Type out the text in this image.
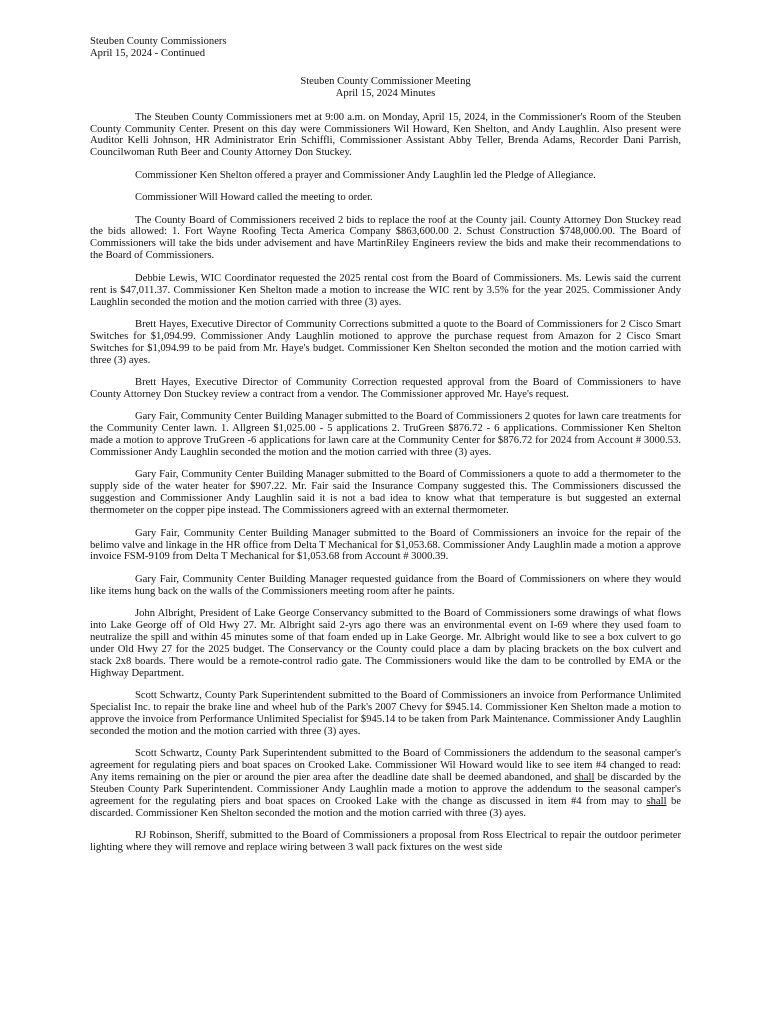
Steuben County Commissioners
April 15, 2024 - Continued
Steuben County Commissioner Meeting
April 15, 2024 Minutes

The Steuben County Commissioners met at 9:00 a.m. on Monday, April 15, 2024, in the Commissioner's Room of the Steuben County Community Center. Present on this day were Commissioners Wil Howard, Ken Shelton, and Andy Laughlin. Also present were Auditor Kelli Johnson, HR Administrator Erin Schiffli, Commissioner Assistant Abby Teller, Brenda Adams, Recorder Dani Parrish, Councilwoman Ruth Beer and County Attorney Don Stuckey.

Commissioner Ken Shelton offered a prayer and Commissioner Andy Laughlin led the Pledge of Allegiance.

Commissioner Will Howard called the meeting to order.

The County Board of Commissioners received 2 bids to replace the roof at the County jail. County Attorney Don Stuckey read the bids allowed: 1. Fort Wayne Roofing Tecta America Company $863,600.00 2. Schust Construction $748,000.00. The Board of Commissioners will take the bids under advisement and have MartinRiley Engineers review the bids and make their recommendations to the Board of Commissioners.

Debbie Lewis, WIC Coordinator requested the 2025 rental cost from the Board of Commissioners. Ms. Lewis said the current rent is $47,011.37. Commissioner Ken Shelton made a motion to increase the WIC rent by 3.5% for the year 2025. Commissioner Andy Laughlin seconded the motion and the motion carried with three (3) ayes.

Brett Hayes, Executive Director of Community Corrections submitted a quote to the Board of Commissioners for 2 Cisco Smart Switches for $1,094.99. Commissioner Andy Laughlin motioned to approve the purchase request from Amazon for 2 Cisco Smart Switches for $1,094.99 to be paid from Mr. Haye's budget. Commissioner Ken Shelton seconded the motion and the motion carried with three (3) ayes.

Brett Hayes, Executive Director of Community Correction requested approval from the Board of Commissioners to have County Attorney Don Stuckey review a contract from a vendor. The Commissioner approved Mr. Haye's request.

Gary Fair, Community Center Building Manager submitted to the Board of Commissioners 2 quotes for lawn care treatments for the Community Center lawn. 1. Allgreen $1,025.00 - 5 applications 2. TruGreen $876.72 - 6 applications. Commissioner Ken Shelton made a motion to approve TruGreen -6 applications for lawn care at the Community Center for $876.72 for 2024 from Account # 3000.53. Commissioner Andy Laughlin seconded the motion and the motion carried with three (3) ayes.

Gary Fair, Community Center Building Manager submitted to the Board of Commissioners a quote to add a thermometer to the supply side of the water heater for $907.22. Mr. Fair said the Insurance Company suggested this. The Commissioners discussed the suggestion and Commissioner Andy Laughlin said it is not a bad idea to know what that temperature is but suggested an external thermometer on the copper pipe instead. The Commissioners agreed with an external thermometer.

Gary Fair, Community Center Building Manager submitted to the Board of Commissioners an invoice for the repair of the belimo valve and linkage in the HR office from Delta T Mechanical for $1,053.68. Commissioner Andy Laughlin made a motion a approve invoice FSM-9109 from Delta T Mechanical for $1,053.68 from Account # 3000.39.

Gary Fair, Community Center Building Manager requested guidance from the Board of Commissioners on where they would like items hung back on the walls of the Commissioners meeting room after he paints.

John Albright, President of Lake George Conservancy submitted to the Board of Commissioners some drawings of what flows into Lake George off of Old Hwy 27. Mr. Albright said 2-yrs ago there was an environmental event on I-69 where they used foam to neutralize the spill and within 45 minutes some of that foam ended up in Lake George. Mr. Albright would like to see a box culvert to go under Old Hwy 27 for the 2025 budget. The Conservancy or the County could place a dam by placing brackets on the box culvert and stack 2x8 boards. There would be a remote-control radio gate. The Commissioners would like the dam to be controlled by EMA or the Highway Department.

Scott Schwartz, County Park Superintendent submitted to the Board of Commissioners an invoice from Performance Unlimited Specialist Inc. to repair the brake line and wheel hub of the Park's 2007 Chevy for $945.14. Commissioner Ken Shelton made a motion to approve the invoice from Performance Unlimited Specialist for $945.14 to be taken from Park Maintenance. Commissioner Andy Laughlin seconded the motion and the motion carried with three (3) ayes.

Scott Schwartz, County Park Superintendent submitted to the Board of Commissioners the addendum to the seasonal camper's agreement for regulating piers and boat spaces on Crooked Lake. Commissioner Wil Howard would like to see item #4 changed to read: Any items remaining on the pier or around the pier area after the deadline date shall be deemed abandoned, and shall be discarded by the Steuben County Park Superintendent. Commissioner Andy Laughlin made a motion to approve the addendum to the seasonal camper's agreement for the regulating piers and boat spaces on Crooked Lake with the change as discussed in item #4 from may to shall be discarded. Commissioner Ken Shelton seconded the motion and the motion carried with three (3) ayes.

RJ Robinson, Sheriff, submitted to the Board of Commissioners a proposal from Ross Electrical to repair the outdoor perimeter lighting where they will remove and replace wiring between 3 wall pack fixtures on the west side
